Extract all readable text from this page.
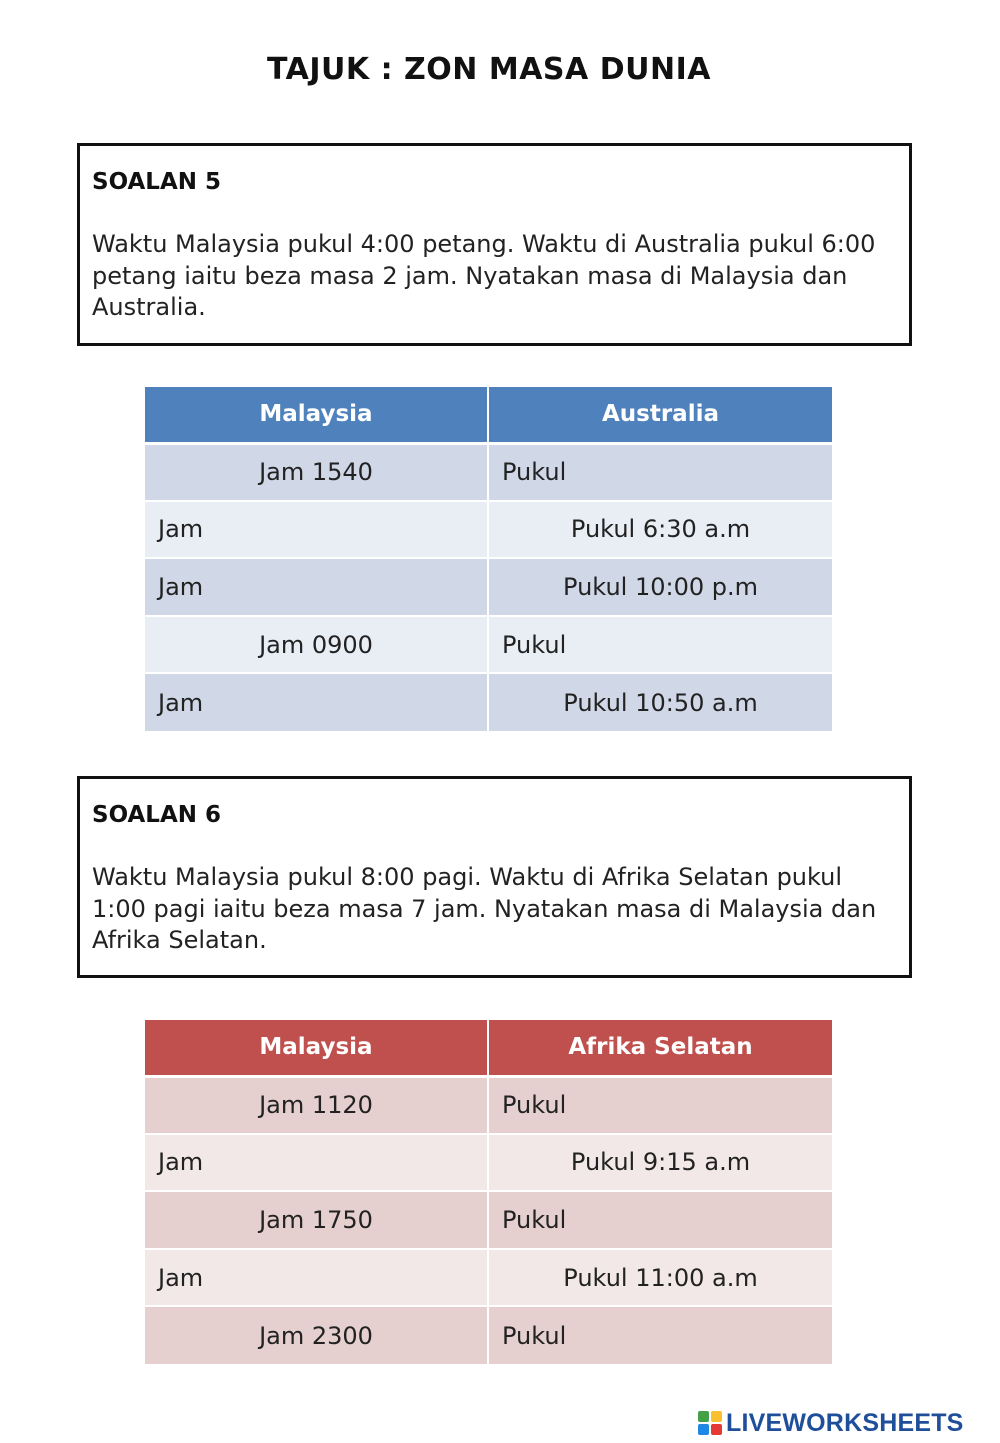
TAJUK : ZON MASA DUNIA
SOALAN 5
Waktu Malaysia pukul 4:00 petang. Waktu di Australia pukul 6:00 petang iaitu beza masa 2 jam. Nyatakan masa di Malaysia dan Australia.
Malaysia	Australia
Jam 1540	Pukul
Jam	Pukul 6:30 a.m
Jam	Pukul 10:00 p.m
Jam 0900	Pukul
Jam	Pukul 10:50 a.m
SOALAN 6
Waktu Malaysia pukul 8:00 pagi. Waktu di Afrika Selatan pukul 1:00 pagi iaitu beza masa 7 jam. Nyatakan masa di Malaysia dan Afrika Selatan.
Malaysia	Afrika Selatan
Jam 1120	Pukul
Jam	Pukul 9:15 a.m
Jam 1750	Pukul
Jam	Pukul 11:00 a.m
Jam 2300	Pukul
LIVEWORKSHEETS
